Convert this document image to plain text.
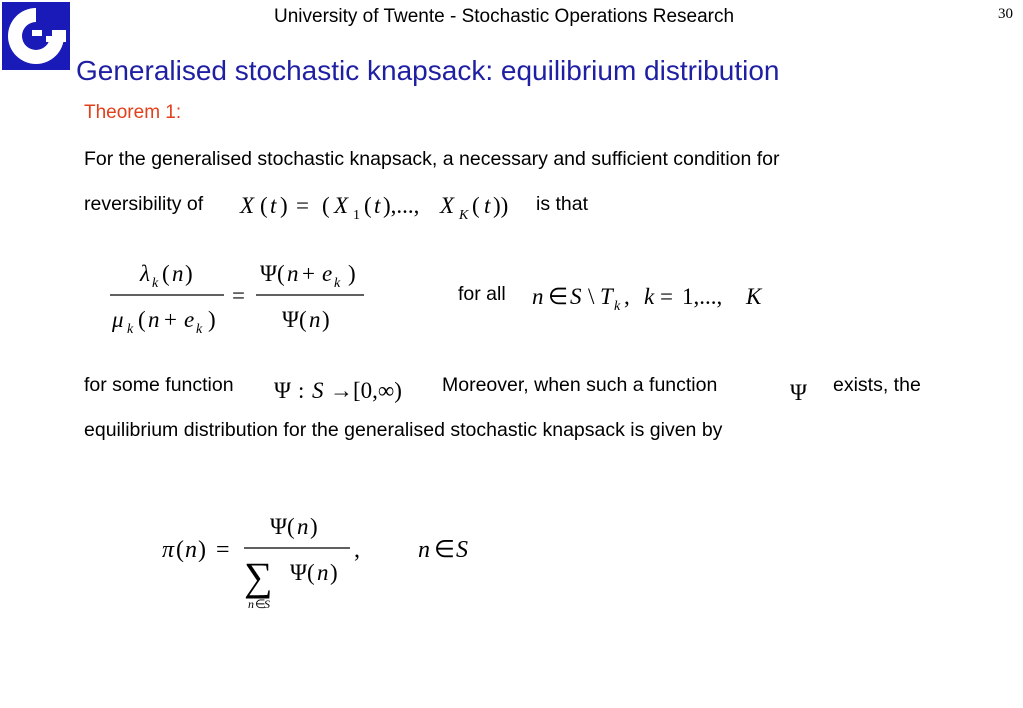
University of Twente - Stochastic Operations Research	30
Generalised stochastic knapsack: equilibrium distribution
Theorem 1:
For the generalised stochastic knapsack, a necessary and sufficient condition for
reversibility of X ( t ) = ( X 1 ( t ),..., X K ( t )) is that
λ k ( n )
μ k ( n + e k )
=
Ψ( n + e k )
Ψ( n )
for all n ∈ S \ T k , k = 1,..., K
for some function Ψ : S →[0,∞) Moreover, when such a function	Ψ exists, the
equilibrium distribution for the generalised stochastic knapsack is given by
π ( n ) =
Ψ( n )
∑ Ψ( n )
n ∈
S
, n ∈ S
